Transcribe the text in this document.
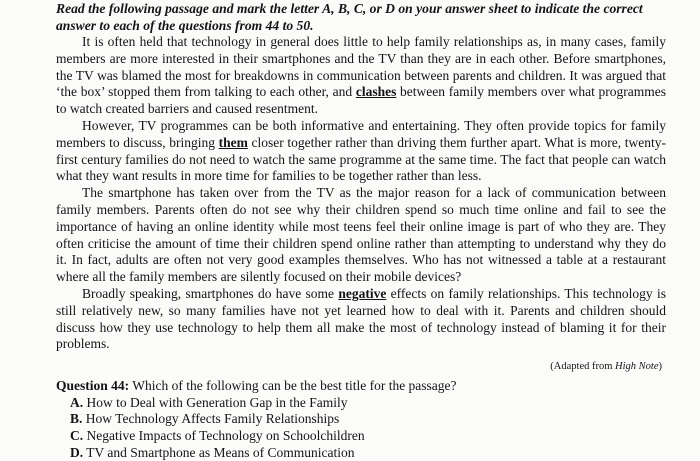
Read the following passage and mark the letter A, B, C, or D on your answer sheet to indicate the correct answer to each of the questions from 44 to 50.

It is often held that technology in general does little to help family relationships as, in many cases, family members are more interested in their smartphones and the TV than they are in each other. Before smartphones, the TV was blamed the most for breakdowns in communication between parents and children. It was argued that ‘the box’ stopped them from talking to each other, and clashes between family members over what programmes to watch created barriers and caused resentment.

However, TV programmes can be both informative and entertaining. They often provide topics for family members to discuss, bringing them closer together rather than driving them further apart. What is more, twenty-first century families do not need to watch the same programme at the same time. The fact that people can watch what they want results in more time for families to be together rather than less.

The smartphone has taken over from the TV as the major reason for a lack of communication between family members. Parents often do not see why their children spend so much time online and fail to see the importance of having an online identity while most teens feel their online image is part of who they are. They often criticise the amount of time their children spend online rather than attempting to understand why they do it. In fact, adults are often not very good examples themselves. Who has not witnessed a table at a restaurant where all the family members are silently focused on their mobile devices?

Broadly speaking, smartphones do have some negative effects on family relationships. This technology is still relatively new, so many families have not yet learned how to deal with it. Parents and children should discuss how they use technology to help them all make the most of technology instead of blaming it for their problems.

(Adapted from High Note)
Question 44: Which of the following can be the best title for the passage?
A. How to Deal with Generation Gap in the Family
B. How Technology Affects Family Relationships
C. Negative Impacts of Technology on Schoolchildren
D. TV and Smartphone as Means of Communication
